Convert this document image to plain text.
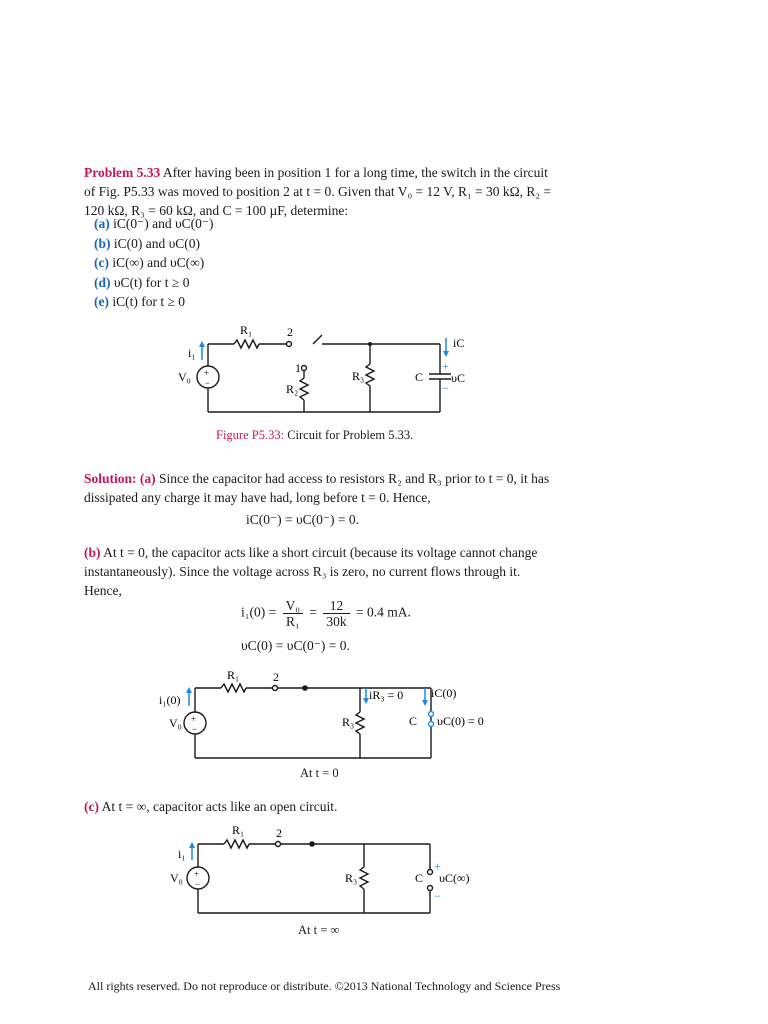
Problem 5.33 After having been in position 1 for a long time, the switch in the circuit of Fig. P5.33 was moved to position 2 at t = 0. Given that V₀ = 12 V, R₁ = 30 kΩ, R₂ = 120 kΩ, R₃ = 60 kΩ, and C = 100 µF, determine:
(a) iC(0⁻) and υC(0⁻)
(b) iC(0) and υC(0)
(c) iC(∞) and υC(∞)
(d) υC(t) for t ≥ 0
(e) iC(t) for t ≥ 0
R₁	2
1
R₂
R₃	C
i₁
V₀
iC
υC
+
−
+
−
Figure P5.33: Circuit for Problem 5.33.
Solution: (a) Since the capacitor had access to resistors R₂ and R₃ prior to t = 0, it has dissipated any charge it may have had, long before t = 0. Hence,
iC(0⁻) = υC(0⁻) = 0.
(b) At t = 0, the capacitor acts like a short circuit (because its voltage cannot change instantaneously). Since the voltage across R₃ is zero, no current flows through it. Hence,
$i_1(0) = \frac{\text{V₀}}{\text{R₁}} = \frac{12}{30k} = 0.4$ mA.
υC(0) = υC(0⁻) = 0.
R₁	2
i₁(0)
V₀
iR₃ = 0
R₃
iC(0)
C υC(0) = 0
+
−
At t = 0
(c) At t = ∞, capacitor acts like an open circuit.
R₁	2
i₁
V₀	R₃	C
+
υC(∞)
−
+
−
At t = ∞
All rights reserved. Do not reproduce or distribute. ©2013 National Technology and Science Press
